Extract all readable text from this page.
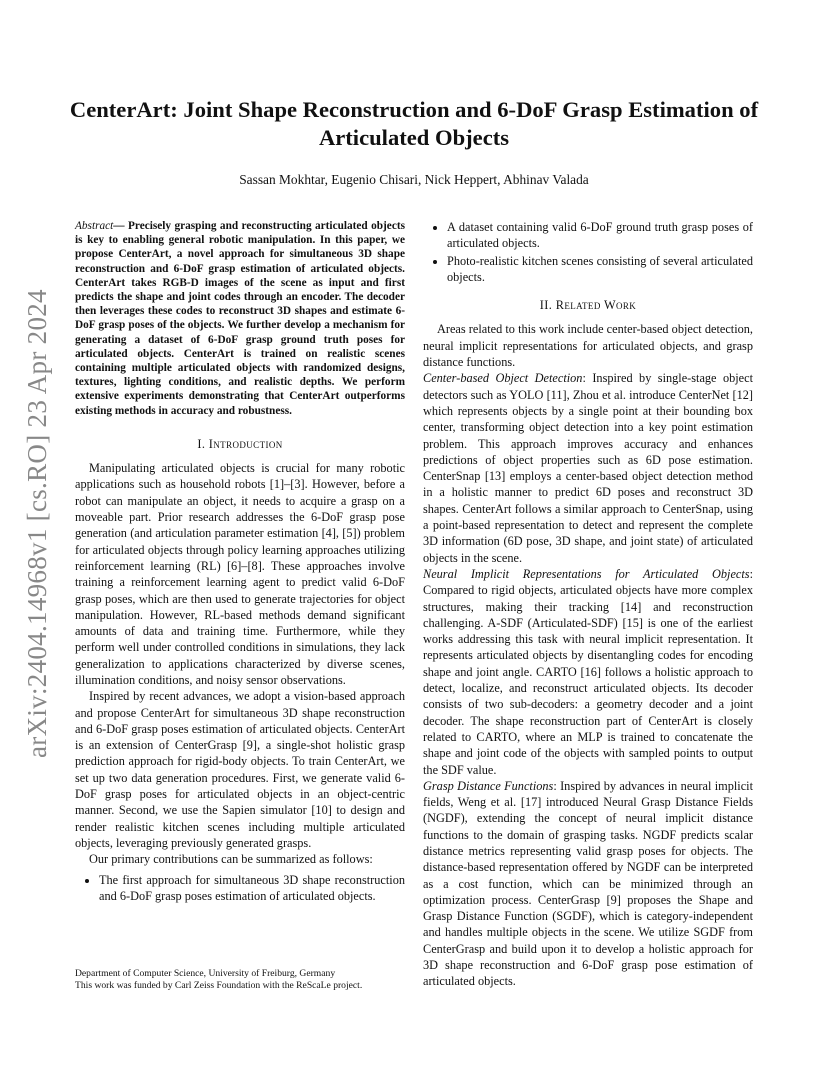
arXiv:2404.14968v1 [cs.RO] 23 Apr 2024
CenterArt: Joint Shape Reconstruction and 6-DoF Grasp Estimation of Articulated Objects
Sassan Mokhtar, Eugenio Chisari, Nick Heppert, Abhinav Valada

Abstract— Precisely grasping and reconstructing articulated objects is key to enabling general robotic manipulation. In this paper, we propose CenterArt, a novel approach for simultaneous 3D shape reconstruction and 6-DoF grasp estimation of articulated objects. CenterArt takes RGB-D images of the scene as input and first predicts the shape and joint codes through an encoder. The decoder then leverages these codes to reconstruct 3D shapes and estimate 6-DoF grasp poses of the objects. We further develop a mechanism for generating a dataset of 6-DoF grasp ground truth poses for articulated objects. CenterArt is trained on realistic scenes containing multiple articulated objects with randomized designs, textures, lighting conditions, and realistic depths. We perform extensive experiments demonstrating that CenterArt outperforms existing methods in accuracy and robustness.

I. Introduction

Manipulating articulated objects is crucial for many robotic applications such as household robots [1]–[3]. However, before a robot can manipulate an object, it needs to acquire a grasp on a moveable part. Prior research addresses the 6-DoF grasp pose generation (and articulation parameter estimation [4], [5]) problem for articulated objects through policy learning approaches utilizing reinforcement learning (RL) [6]–[8]. These approaches involve training a reinforcement learning agent to predict valid 6-DoF grasp poses, which are then used to generate trajectories for object manipulation. However, RL-based methods demand significant amounts of data and training time. Furthermore, while they perform well under controlled conditions in simulations, they lack generalization to applications characterized by diverse scenes, illumination conditions, and noisy sensor observations.

Inspired by recent advances, we adopt a vision-based approach and propose CenterArt for simultaneous 3D shape reconstruction and 6-DoF grasp poses estimation of articulated objects. CenterArt is an extension of CenterGrasp [9], a single-shot holistic grasp prediction approach for rigid-body objects. To train CenterArt, we set up two data generation procedures. First, we generate valid 6-DoF grasp poses for articulated objects in an object-centric manner. Second, we use the Sapien simulator [10] to design and render realistic kitchen scenes including multiple articulated objects, leveraging previously generated grasps.

Our primary contributions can be summarized as follows:

• The first approach for simultaneous 3D shape reconstruction and 6-DoF grasp poses estimation of articulated objects.
• A dataset containing valid 6-DoF ground truth grasp poses of articulated objects.
• Photo-realistic kitchen scenes consisting of several articulated objects.
II. Related Work

Areas related to this work include center-based object detection, neural implicit representations for articulated objects, and grasp distance functions.

Center-based Object Detection: Inspired by single-stage object detectors such as YOLO [11], Zhou et al. introduce CenterNet [12] which represents objects by a single point at their bounding box center, transforming object detection into a key point estimation problem. This approach improves accuracy and enhances predictions of object properties such as 6D pose estimation. CenterSnap [13] employs a center-based object detection method in a holistic manner to predict 6D poses and reconstruct 3D shapes. CenterArt follows a similar approach to CenterSnap, using a point-based representation to detect and represent the complete 3D information (6D pose, 3D shape, and joint state) of articulated objects in the scene.

Neural Implicit Representations for Articulated Objects: Compared to rigid objects, articulated objects have more complex structures, making their tracking [14] and reconstruction challenging. A-SDF (Articulated-SDF) [15] is one of the earliest works addressing this task with neural implicit representation. It represents articulated objects by disentangling codes for encoding shape and joint angle. CARTO [16] follows a holistic approach to detect, localize, and reconstruct articulated objects. Its decoder consists of two sub-decoders: a geometry decoder and a joint decoder. The shape reconstruction part of CenterArt is closely related to CARTO, where an MLP is trained to concatenate the shape and joint code of the objects with sampled points to output the SDF value.

Grasp Distance Functions: Inspired by advances in neural implicit fields, Weng et al. [17] introduced Neural Grasp Distance Fields (NGDF), extending the concept of neural implicit distance functions to the domain of grasping tasks. NGDF predicts scalar distance metrics representing valid grasp poses for objects. The distance-based representation offered by NGDF can be interpreted as a cost function, which can be minimized through an optimization process. CenterGrasp [9] proposes the Shape and Grasp Distance Function (SGDF), which is category-independent and handles multiple objects in the scene. We utilize SGDF from CenterGrasp and build upon it to develop a holistic approach for 3D shape reconstruction and 6-DoF grasp pose estimation of articulated objects.

Department of Computer Science, University of Freiburg, Germany
This work was funded by Carl Zeiss Foundation with the ReScaLe project.
